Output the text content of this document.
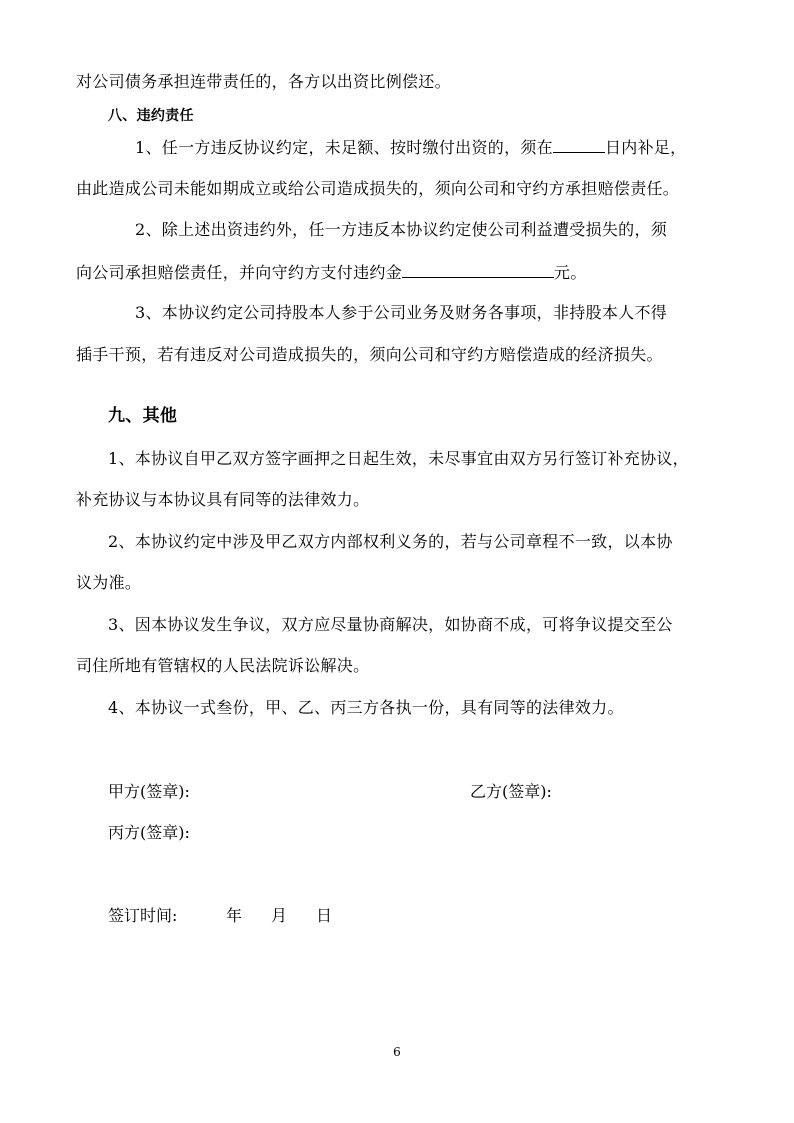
对公司债务承担连带责任的，各方以出资比例偿还。
八、违约责任
1、任一方违反协议约定，未足额、按时缴付出资的，须在	日内补足，
由此造成公司未能如期成立或给公司造成损失的，须向公司和守约方承担赔偿责任。
2、除上述出资违约外，任一方违反本协议约定使公司利益遭受损失的，须
向公司承担赔偿责任，并向守约方支付违约金	元。
3、本协议约定公司持股本人参于公司业务及财务各事项，非持股本人不得
插手干预，若有违反对公司造成损失的，须向公司和守约方赔偿造成的经济损失。
九、其他
1、本协议自甲乙双方签字画押之日起生效，未尽事宜由双方另行签订补充协议，
补充协议与本协议具有同等的法律效力。
2、本协议约定中涉及甲乙双方内部权利义务的，若与公司章程不一致，以本协
议为准。
3、因本协议发生争议，双方应尽量协商解决，如协商不成，可将争议提交至公
司住所地有管辖权的人民法院诉讼解决。
4、本协议一式叁份，甲、乙、丙三方各执一份，具有同等的法律效力。
甲方(签章):	乙方(签章):
丙方(签章):
签订时间:	年 月 日
6
